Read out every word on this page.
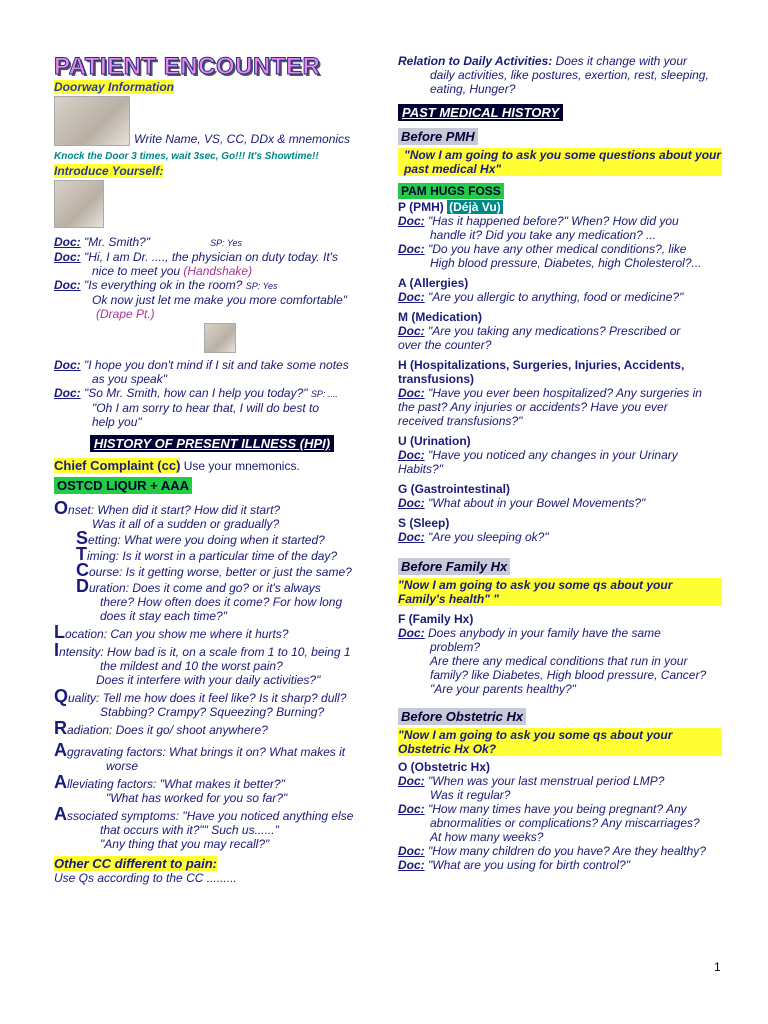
PATIENT ENCOUNTER
Doorway Information
Write Name, VS, CC, DDx & mnemonics
Knock the Door 3 times, wait 3sec, Go!!! It's Showtime!!
Introduce Yourself:
Doc: "Mr. Smith?"	SP: Yes
Doc: "Hi, I am Dr. ...., the physician on duty today. It's
nice to meet you (Handshake)
Doc: "Is everything ok in the room? SP: Yes
Ok now just let me make you more comfortable"
(Drape Pt.)
Doc: "I hope you don't mind if I sit and take some notes
as you speak"
Doc: "So Mr. Smith, how can I help you today?" SP: ....
"Oh I am sorry to hear that, I will do best to
help you"
HISTORY OF PRESENT ILLNESS (HPI)
Chief Complaint (cc) Use your mnemonics.
OSTCD LIQUR + AAA
Onset: When did it start? How did it start?
Was it all of a sudden or gradually?
Setting: What were you doing when it started?
Timing: Is it worst in a particular time of the day?
Course: Is it getting worse, better or just the same?
Duration: Does it come and go? or it's always
there? How often does it come? For how long
does it stay each time?"
Location: Can you show me where it hurts?
Intensity: How bad is it, on a scale from 1 to 10, being 1
the mildest and 10 the worst pain?
Does it interfere with your daily activities?"
Quality: Tell me how does it feel like? Is it sharp? dull?
Stabbing? Crampy? Squeezing? Burning?
Radiation: Does it go/ shoot anywhere?
Aggravating factors: What brings it on? What makes it
worse
Alleviating factors: "What makes it better?"
"What has worked for you so far?"
Associated symptoms: "Have you noticed anything else
that occurs with it?"" Such us......"
"Any thing that you may recall?"
Other CC different to pain:
Use Qs according to the CC .........
Relation to Daily Activities: Does it change with your
daily activities, like postures, exertion, rest, sleeping,
eating, Hunger?
PAST MEDICAL HISTORY
Before PMH
"Now I am going to ask you some questions about your past medical Hx"
PAM HUGS FOSS
P (PMH) (Déjà Vu)
Doc: "Has it happened before?" When? How did you
handle it? Did you take any medication? ...
Doc: "Do you have any other medical conditions?, like
High blood pressure, Diabetes, high Cholesterol?...
A (Allergies)
Doc: "Are you allergic to anything, food or medicine?"
M (Medication)
Doc: "Are you taking any medications? Prescribed or
over the counter?
H (Hospitalizations, Surgeries, Injuries, Accidents,
transfusions)
Doc: "Have you ever been hospitalized? Any surgeries in
the past? Any injuries or accidents? Have you ever
received transfusions?"
U (Urination)
Doc: "Have you noticed any changes in your Urinary
Habits?"
G (Gastrointestinal)
Doc: "What about in your Bowel Movements?"
S (Sleep)
Doc: "Are you sleeping ok?"
Before Family Hx
"Now I am going to ask you some qs about your Family's health" "
F (Family Hx)
Doc: Does anybody in your family have the same
problem?
Are there any medical conditions that run in your
family? like Diabetes, High blood pressure, Cancer?
"Are your parents healthy?"
Before Obstetric Hx
"Now I am going to ask you some qs about your Obstetric Hx Ok?
O (Obstetric Hx)
Doc: "When was your last menstrual period LMP?
Was it regular?
Doc: "How many times have you being pregnant? Any
abnormalities or complications? Any miscarriages?
At how many weeks?
Doc: "How many children do you have? Are they healthy?
Doc: "What are you using for birth control?"
1
